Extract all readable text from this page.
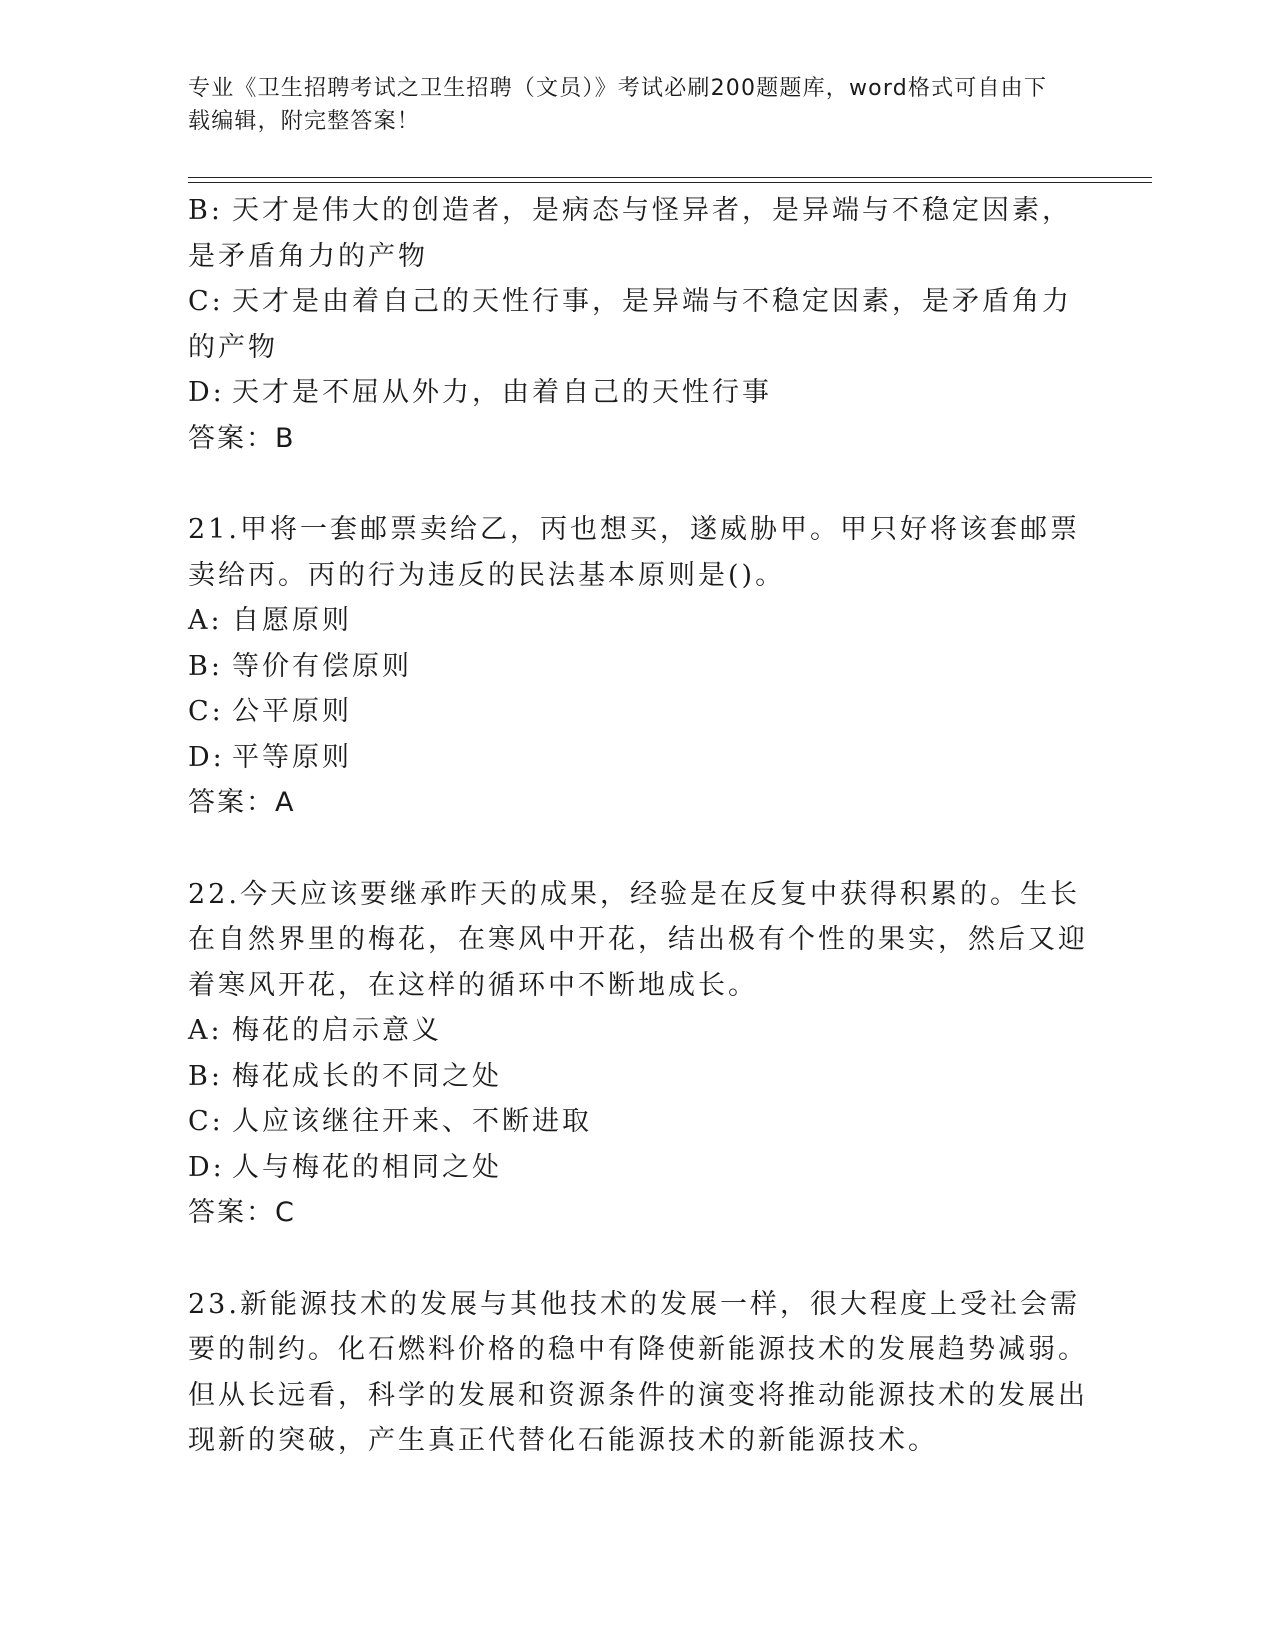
专业《卫生招聘考试之卫生招聘（文员）》考试必刷200题题库，word格式可自由下载编辑，附完整答案！

B: 天才是伟大的创造者，是病态与怪异者，是异端与不稳定因素，是矛盾角力的产物

C: 天才是由着自己的天性行事，是异端与不稳定因素，是矛盾角力的产物

D: 天才是不屈从外力，由着自己的天性行事

答案：B

21.甲将一套邮票卖给乙，丙也想买，遂威胁甲。甲只好将该套邮票卖给丙。丙的行为违反的民法基本原则是()。

A: 自愿原则

B: 等价有偿原则

C: 公平原则

D: 平等原则

答案：A

22.今天应该要继承昨天的成果，经验是在反复中获得积累的。生长在自然界里的梅花，在寒风中开花，结出极有个性的果实，然后又迎着寒风开花，在这样的循环中不断地成长。

A: 梅花的启示意义

B: 梅花成长的不同之处

C: 人应该继往开来、不断进取

D: 人与梅花的相同之处

答案：C

23.新能源技术的发展与其他技术的发展一样，很大程度上受社会需要的制约。化石燃料价格的稳中有降使新能源技术的发展趋势减弱。但从长远看，科学的发展和资源条件的演变将推动能源技术的发展出现新的突破，产生真正代替化石能源技术的新能源技术。
